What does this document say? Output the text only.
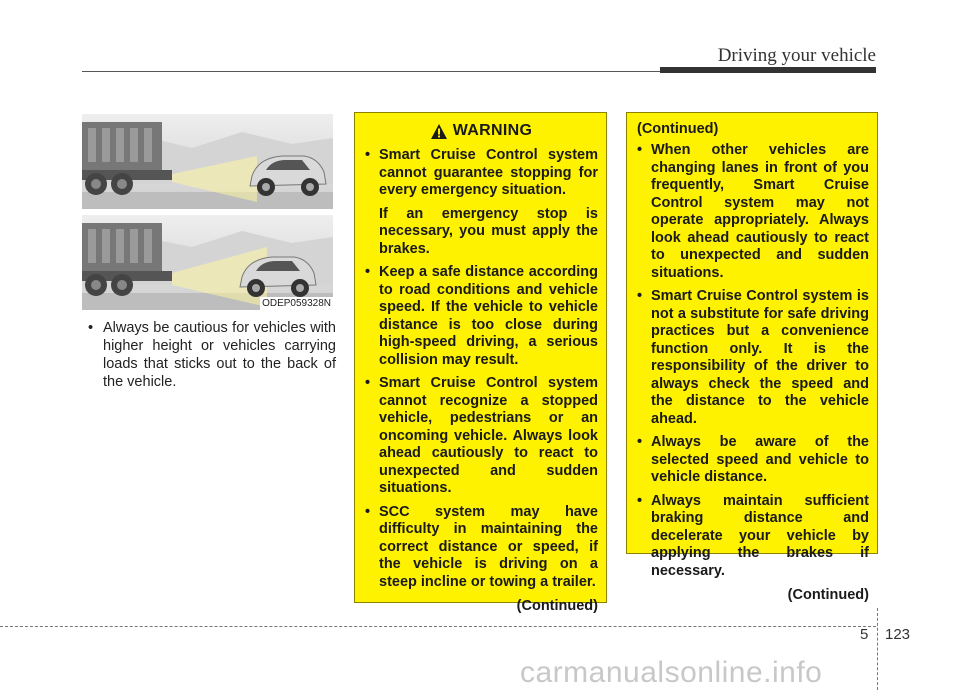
Driving your vehicle
ODEP059328N
• Always be cautious for vehicles with higher height or vehicles carrying loads that sticks out to the back of the vehicle.
WARNING
• Smart Cruise Control system cannot guarantee stopping for every emergency situation.
If an emergency stop is necessary, you must apply the brakes.
• Keep a safe distance according to road conditions and vehicle speed. If the vehicle to vehicle distance is too close during high-speed driving, a serious collision may result.
• Smart Cruise Control system cannot recognize a stopped vehicle, pedestrians or an oncoming vehicle. Always look ahead cautiously to react to unexpected and sudden situations.
• SCC system may have difficulty in maintaining the correct distance or speed, if the vehicle is driving on a steep incline or towing a trailer.
(Continued)
(Continued)
• When other vehicles are changing lanes in front of you frequently, Smart Cruise Control system may not operate appropriately. Always look ahead cautiously to react to unexpected and sudden situations.
• Smart Cruise Control system is not a substitute for safe driving practices but a convenience function only. It is the responsibility of the driver to always check the speed and the distance to the vehicle ahead.
• Always be aware of the selected speed and vehicle to vehicle distance.
• Always maintain sufficient braking distance and decelerate your vehicle by applying the brakes if necessary.
(Continued)
5 123
carmanualsonline.info
